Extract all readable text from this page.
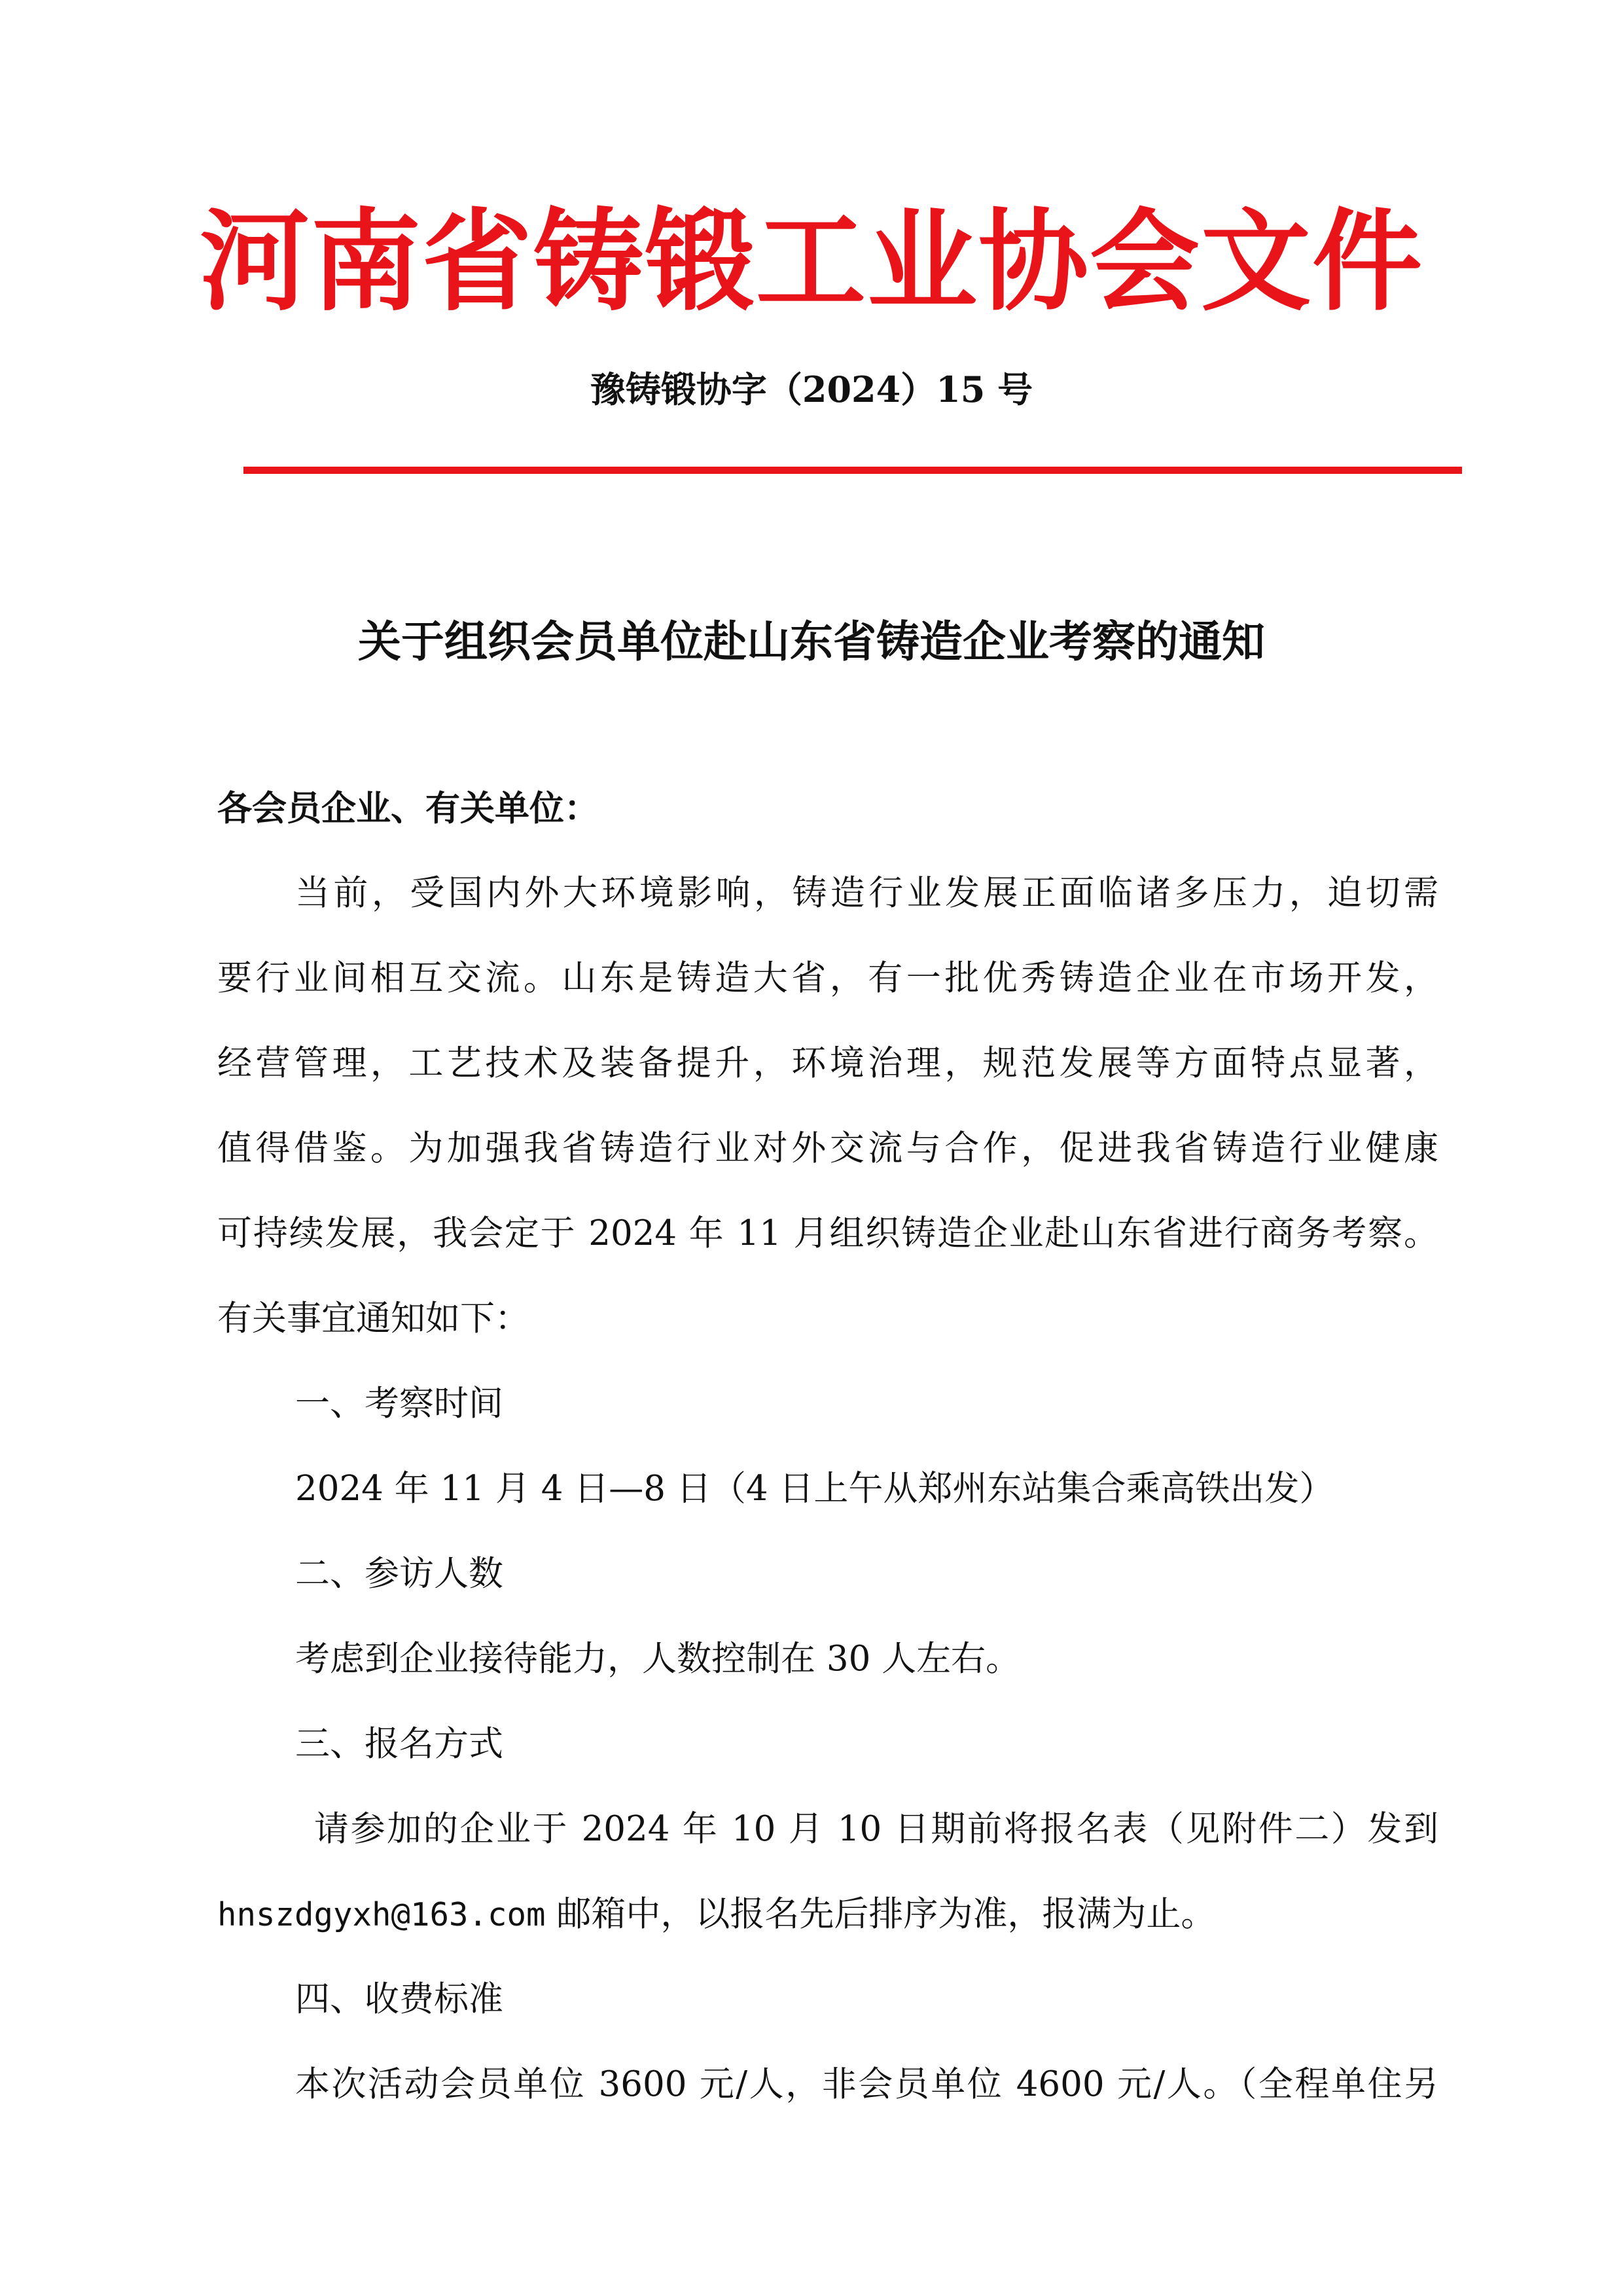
河南省铸锻工业协会文件
豫铸锻协字（2024）15 号
关于组织会员单位赴山东省铸造企业考察的通知
各会员企业、有关单位：
当前，受国内外大环境影响，铸造行业发展正面临诸多压力，迫切需
要行业间相互交流。山东是铸造大省，有一批优秀铸造企业在市场开发，
经营管理，工艺技术及装备提升，环境治理，规范发展等方面特点显著，
值得借鉴。为加强我省铸造行业对外交流与合作，促进我省铸造行业健康
可持续发展，我会定于 2024 年 11 月组织铸造企业赴山东省进行商务考察。
有关事宜通知如下：
一、考察时间
2024 年 11 月 4 日—8 日（4 日上午从郑州东站集合乘高铁出发）
二、参访人数
考虑到企业接待能力，人数控制在 30 人左右。
三、报名方式
请参加的企业于 2024 年 10 月 10 日期前将报名表（见附件二）发到
hnszdgyxh@163.com 邮箱中，以报名先后排序为准，报满为止。
四、收费标准
本次活动会员单位 3600 元/人，非会员单位 4600 元/人。（全程单住另
